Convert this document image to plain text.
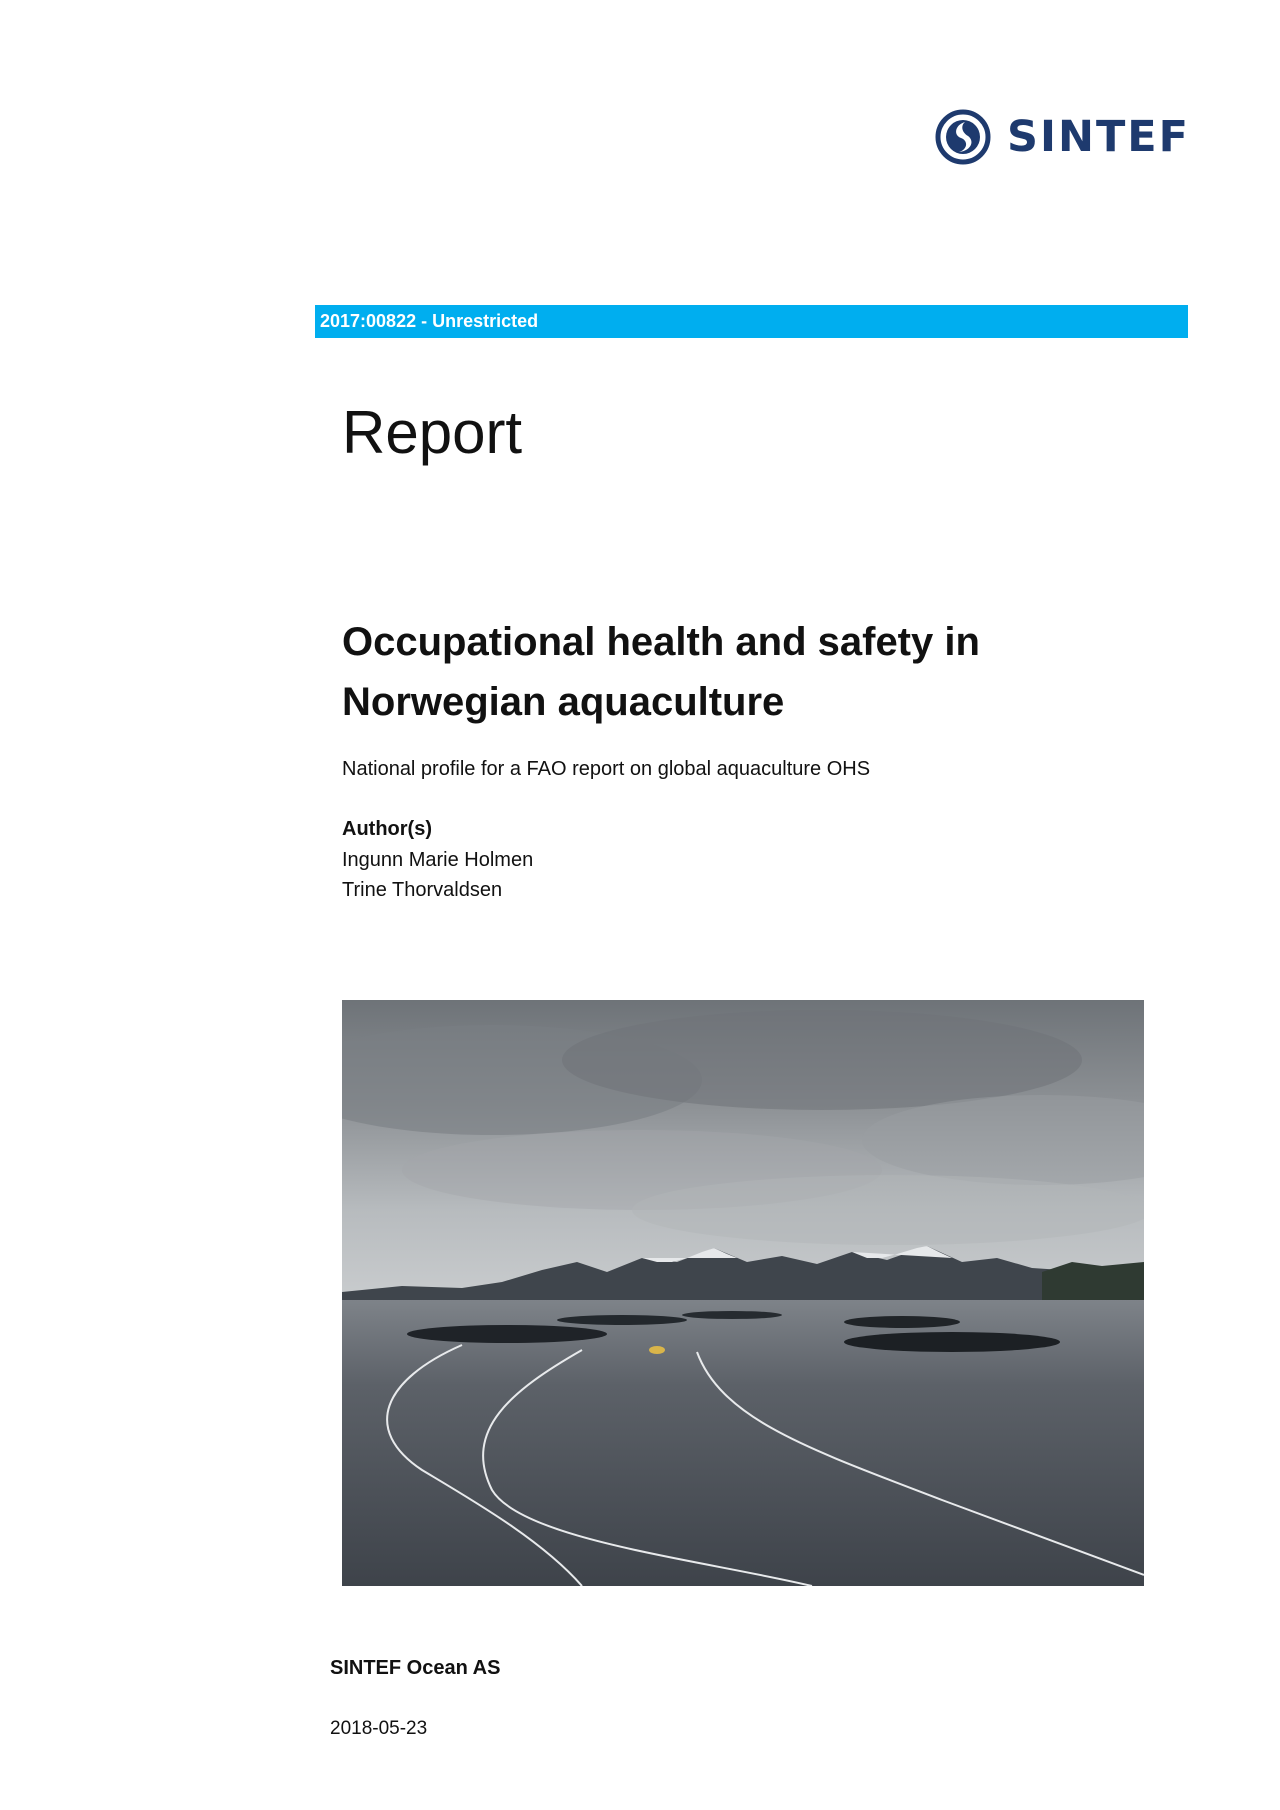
SINTEF
2017:00822 - Unrestricted
Report
Occupational health and safety in Norwegian aquaculture
National profile for a FAO report on global aquaculture OHS
Author(s)
Ingunn Marie Holmen
Trine Thorvaldsen
SINTEF Ocean AS
2018-05-23
